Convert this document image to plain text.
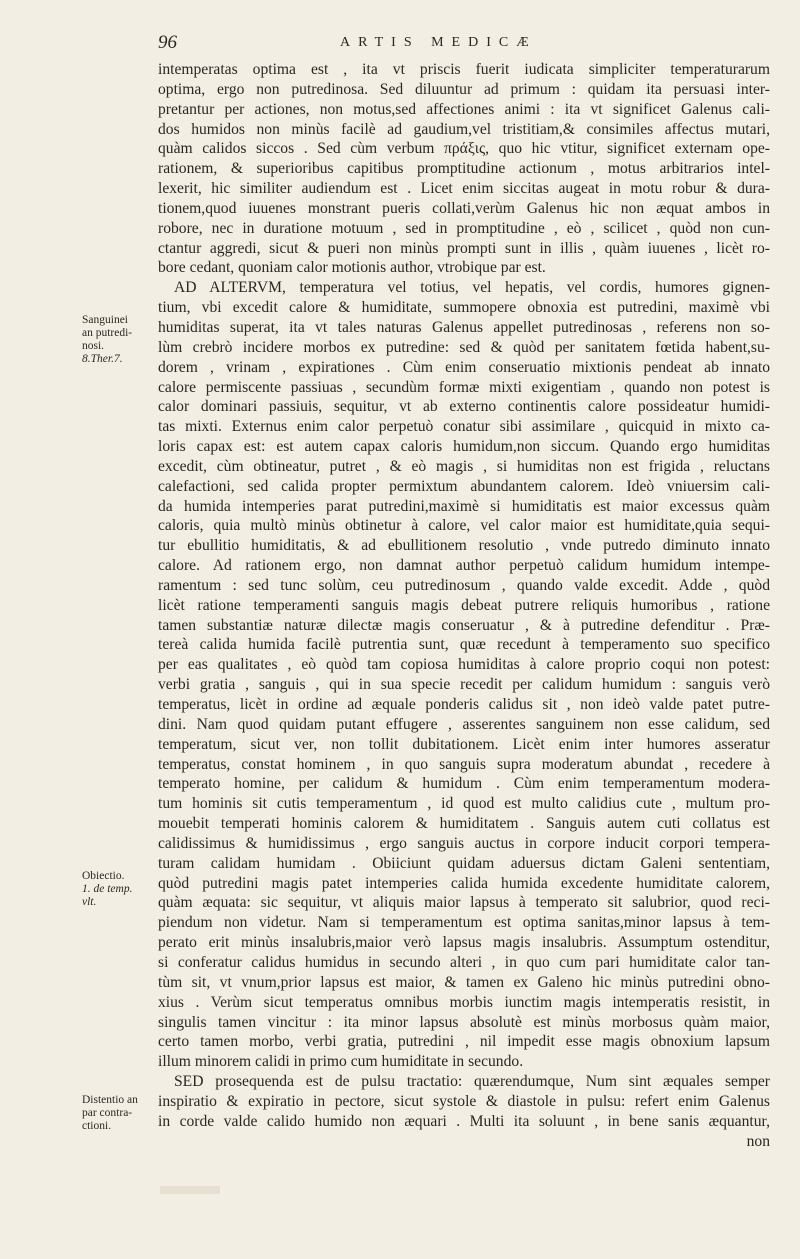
96	ARTIS MEDICÆ
Sanguinei
an putredi-
nosi.
8.Ther.7.
Obiectio.
1. de temp.
vlt.
Distentio an
par contra-
ctioni.
intemperatas optima est , ita vt priscis fuerit iudicata simpliciter temperaturarum
optima, ergo non putredinosa. Sed diluuntur ad primum : quidam ita persuasi inter-
pretantur per actiones, non motus,sed affectiones animi : ita vt significet Galenus cali-
dos humidos non minùs facilè ad gaudium,vel tristitiam,& consimiles affectus mutari,
quàm calidos siccos . Sed cùm verbum πράξις, quo hic vtitur, significet externam ope-
rationem, & superioribus capitibus promptitudine actionum , motus arbitrarios intel-
lexerit, hic similiter audiendum est . Licet enim siccitas augeat in motu robur & dura-
tionem,quod iuuenes monstrant pueris collati,verùm Galenus hic non æquat ambos in
robore, nec in duratione motuum , sed in promptitudine , eò , scilicet , quòd non cun-
ctantur aggredi, sicut & pueri non minùs prompti sunt in illis , quàm iuuenes , licèt ro-
bore cedant, quoniam calor motionis author, vtrobique par est.
AD ALTERVM, temperatura vel totius, vel hepatis, vel cordis, humores gignen-
tium, vbi excedit calore & humiditate, summopere obnoxia est putredini, maximè vbi
humiditas superat, ita vt tales naturas Galenus appellet putredinosas , referens non so-
lùm crebrò incidere morbos ex putredine: sed & quòd per sanitatem fœtida habent,su-
dorem , vrinam , expirationes . Cùm enim conseruatio mixtionis pendeat ab innato
calore permiscente passiuas , secundùm formæ mixti exigentiam , quando non potest is
calor dominari passiuis, sequitur, vt ab externo continentis calore possideatur humidi-
tas mixti. Externus enim calor perpetuò conatur sibi assimilare , quicquid in mixto ca-
loris capax est: est autem capax caloris humidum,non siccum. Quando ergo humiditas
excedit, cùm obtineatur, putret , & eò magis , si humiditas non est frigida , reluctans
calefactioni, sed calida propter permixtum abundantem calorem. Ideò vniuersim cali-
da humida intemperies parat putredini,maximè si humiditatis est maior excessus quàm
caloris, quia multò minùs obtinetur à calore, vel calor maior est humiditate,quia sequi-
tur ebullitio humiditatis, & ad ebullitionem resolutio , vnde putredo diminuto innato
calore. Ad rationem ergo, non damnat author perpetuò calidum humidum intempe-
ramentum : sed tunc solùm, ceu putredinosum , quando valde excedit. Adde , quòd
licèt ratione temperamenti sanguis magis debeat putrere reliquis humoribus , ratione
tamen substantiæ naturæ dilectæ magis conseruatur , & à putredine defenditur . Præ-
tereà calida humida facilè putrentia sunt, quæ recedunt à temperamento suo specifico
per eas qualitates , eò quòd tam copiosa humiditas à calore proprio coqui non potest:
verbi gratia , sanguis , qui in sua specie recedit per calidum humidum : sanguis verò
temperatus, licèt in ordine ad æquale ponderis calidus sit , non ideò valde patet putre-
dini. Nam quod quidam putant effugere , asserentes sanguinem non esse calidum, sed
temperatum, sicut ver, non tollit dubitationem. Licèt enim inter humores asseratur
temperatus, constat hominem , in quo sanguis supra moderatum abundat , recedere à
temperato homine, per calidum & humidum . Cùm enim temperamentum modera-
tum hominis sit cutis temperamentum , id quod est multo calidius cute , multum pro-
mouebit temperati hominis calorem & humiditatem . Sanguis autem cuti collatus est
calidissimus & humidissimus , ergo sanguis auctus in corpore inducit corpori tempera-
turam calidam humidam . Obiiciunt quidam aduersus dictam Galeni sententiam,
quòd putredini magis patet intemperies calida humida excedente humiditate calorem,
quàm æquata: sic sequitur, vt aliquis maior lapsus à temperato sit salubrior, quod reci-
piendum non videtur. Nam si temperamentum est optima sanitas,minor lapsus à tem-
perato erit minùs insalubris,maior verò lapsus magis insalubris. Assumptum ostenditur,
si conferatur calidus humidus in secundo alteri , in quo cum pari humiditate calor tan-
tùm sit, vt vnum,prior lapsus est maior, & tamen ex Galeno hic minùs putredini obno-
xius . Verùm sicut temperatus omnibus morbis iunctim magis intemperatis resistit, in
singulis tamen vincitur : ita minor lapsus absolutè est minùs morbosus quàm maior,
certo tamen morbo, verbi gratia, putredini , nil impedit esse magis obnoxium lapsum
illum minorem calidi in primo cum humiditate in secundo.
SED prosequenda est de pulsu tractatio: quærendumque, Num sint æquales semper
inspiratio & expiratio in pectore, sicut systole & diastole in pulsu: refert enim Galenus
in corde valde calido humido non æquari . Multi ita soluunt , in bene sanis æquantur,
non
